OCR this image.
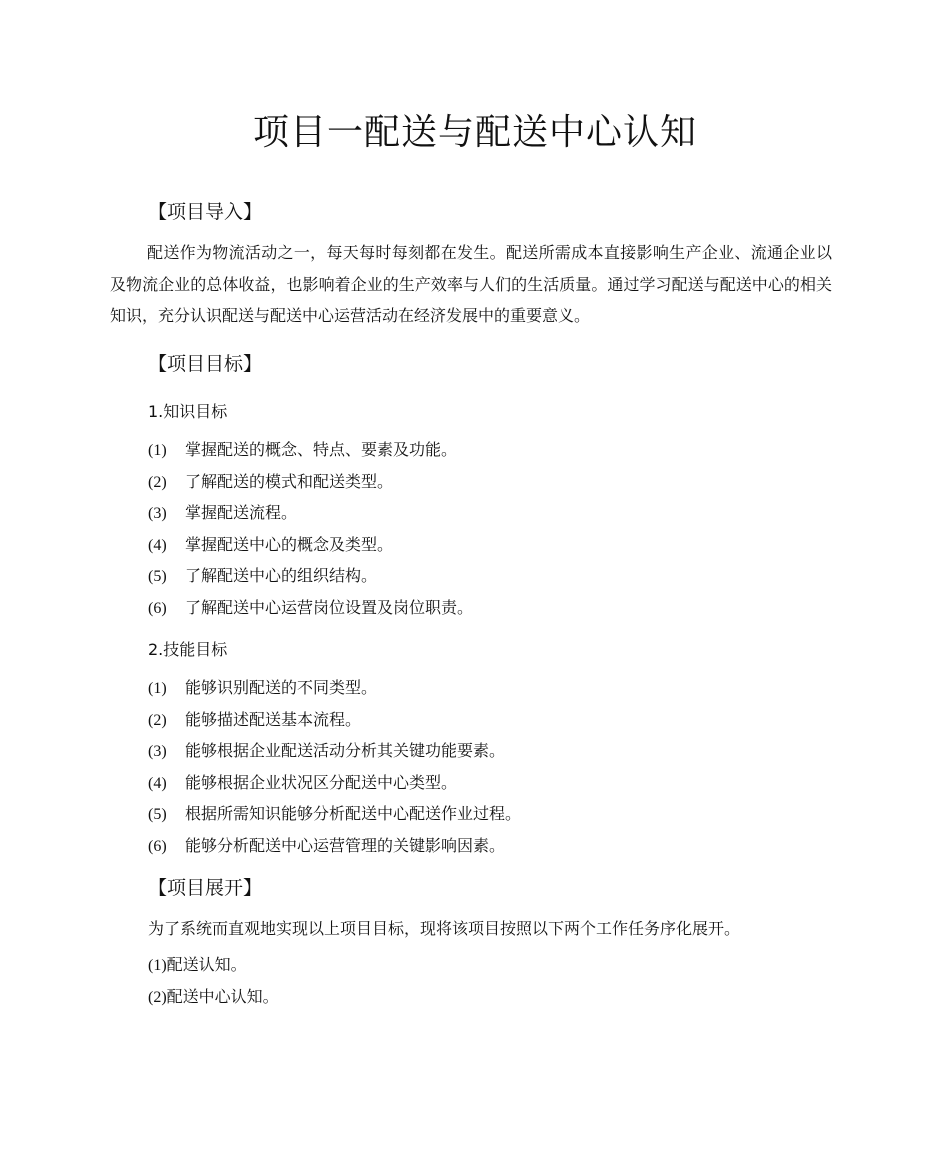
项目一配送与配送中心认知
【项目导入】
配送作为物流活动之一，每天每时每刻都在发生。配送所需成本直接影响生产企业、流通企业以及物流企业的总体收益，也影响着企业的生产效率与人们的生活质量。通过学习配送与配送中心的相关知识，充分认识配送与配送中心运营活动在经济发展中的重要意义。
【项目目标】
1.知识目标
(1) 掌握配送的概念、特点、要素及功能。
(2) 了解配送的模式和配送类型。
(3) 掌握配送流程。
(4) 掌握配送中心的概念及类型。
(5) 了解配送中心的组织结构。
(6) 了解配送中心运营岗位设置及岗位职责。
2.技能目标
(1) 能够识别配送的不同类型。
(2) 能够描述配送基本流程。
(3) 能够根据企业配送活动分析其关键功能要素。
(4) 能够根据企业状况区分配送中心类型。
(5) 根据所需知识能够分析配送中心配送作业过程。
(6) 能够分析配送中心运营管理的关键影响因素。
【项目展开】
为了系统而直观地实现以上项目目标，现将该项目按照以下两个工作任务序化展开。
(1)配送认知。
(2)配送中心认知。
